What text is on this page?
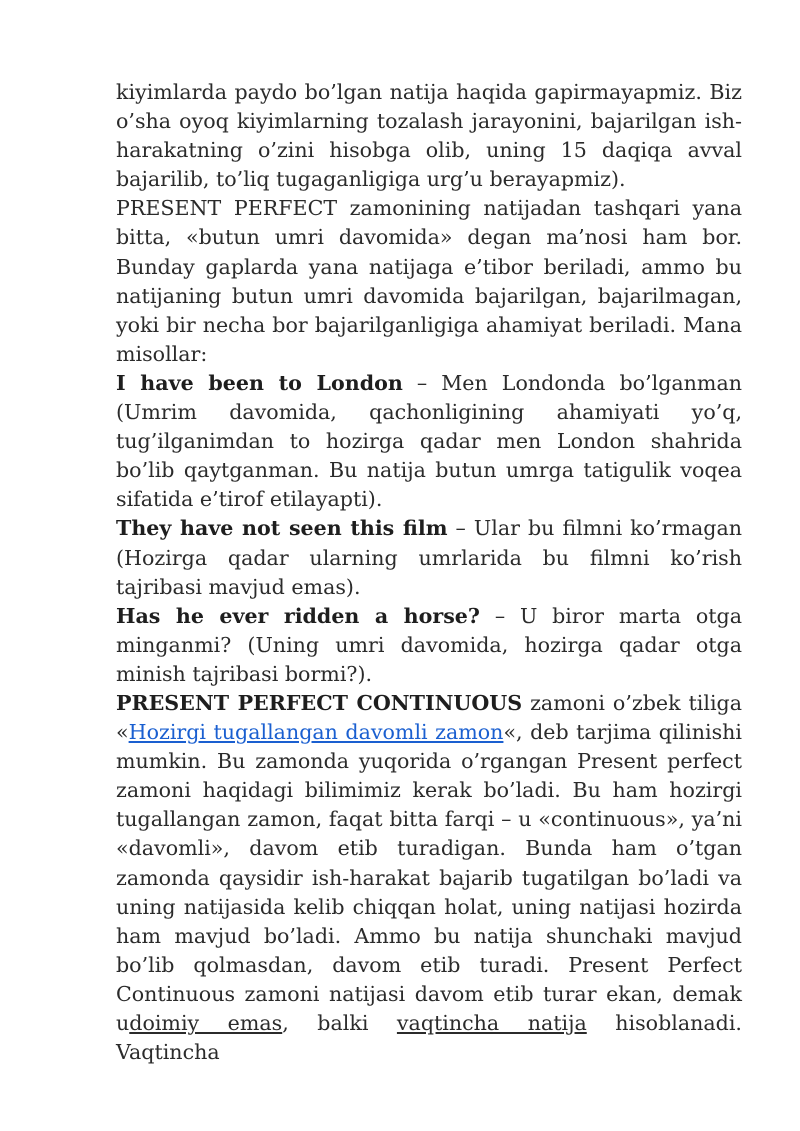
kiyimlarda paydo bo’lgan natija haqida gapirmayapmiz. Biz o’sha oyoq kiyimlarning tozalash jarayonini, bajarilgan ish-harakatning o’zini hisobga olib, uning 15 daqiqa avval bajarilib, to’liq tugaganligiga urg’u berayapmiz).

PRESENT PERFECT zamonining natijadan tashqari yana bitta, «butun umri davomida» degan ma’nosi ham bor. Bunday gaplarda yana natijaga e’tibor beriladi, ammo bu natijaning butun umri davomida bajarilgan, bajarilmagan, yoki bir necha bor bajarilganligiga ahamiyat beriladi. Mana misollar:

I have been to London – Men Londonda bo’lganman (Umrim davomida, qachonligining ahamiyati yo’q, tug’ilganimdan to hozirga qadar men London shahrida bo’lib qaytganman. Bu natija butun umrga tatigulik voqea sifatida e’tirof etilayapti).

They have not seen this film – Ular bu filmni ko’rmagan (Hozirga qadar ularning umrlarida bu filmni ko’rish tajribasi mavjud emas).

Has he ever ridden a horse? – U biror marta otga minganmi? (Uning umri davomida, hozirga qadar otga minish tajribasi bormi?).

PRESENT PERFECT CONTINUOUS zamoni o’zbek tiliga «Hozirgi tugallangan davomli zamon«, deb tarjima qilinishi mumkin. Bu zamonda yuqorida o’rgangan Present perfect zamoni haqidagi bilimimiz kerak bo’ladi. Bu ham hozirgi tugallangan zamon, faqat bitta farqi – u «continuous», ya’ni «davomli», davom etib turadigan. Bunda ham o’tgan zamonda qaysidir ish-harakat bajarib tugatilgan bo’ladi va uning natijasida kelib chiqqan holat, uning natijasi hozirda ham mavjud bo’ladi. Ammo bu natija shunchaki mavjud bo’lib qolmasdan, davom etib turadi. Present Perfect Continuous zamoni natijasi davom etib turar ekan, demak udoimiy emas, balki vaqtincha natija hisoblanadi. Vaqtincha
